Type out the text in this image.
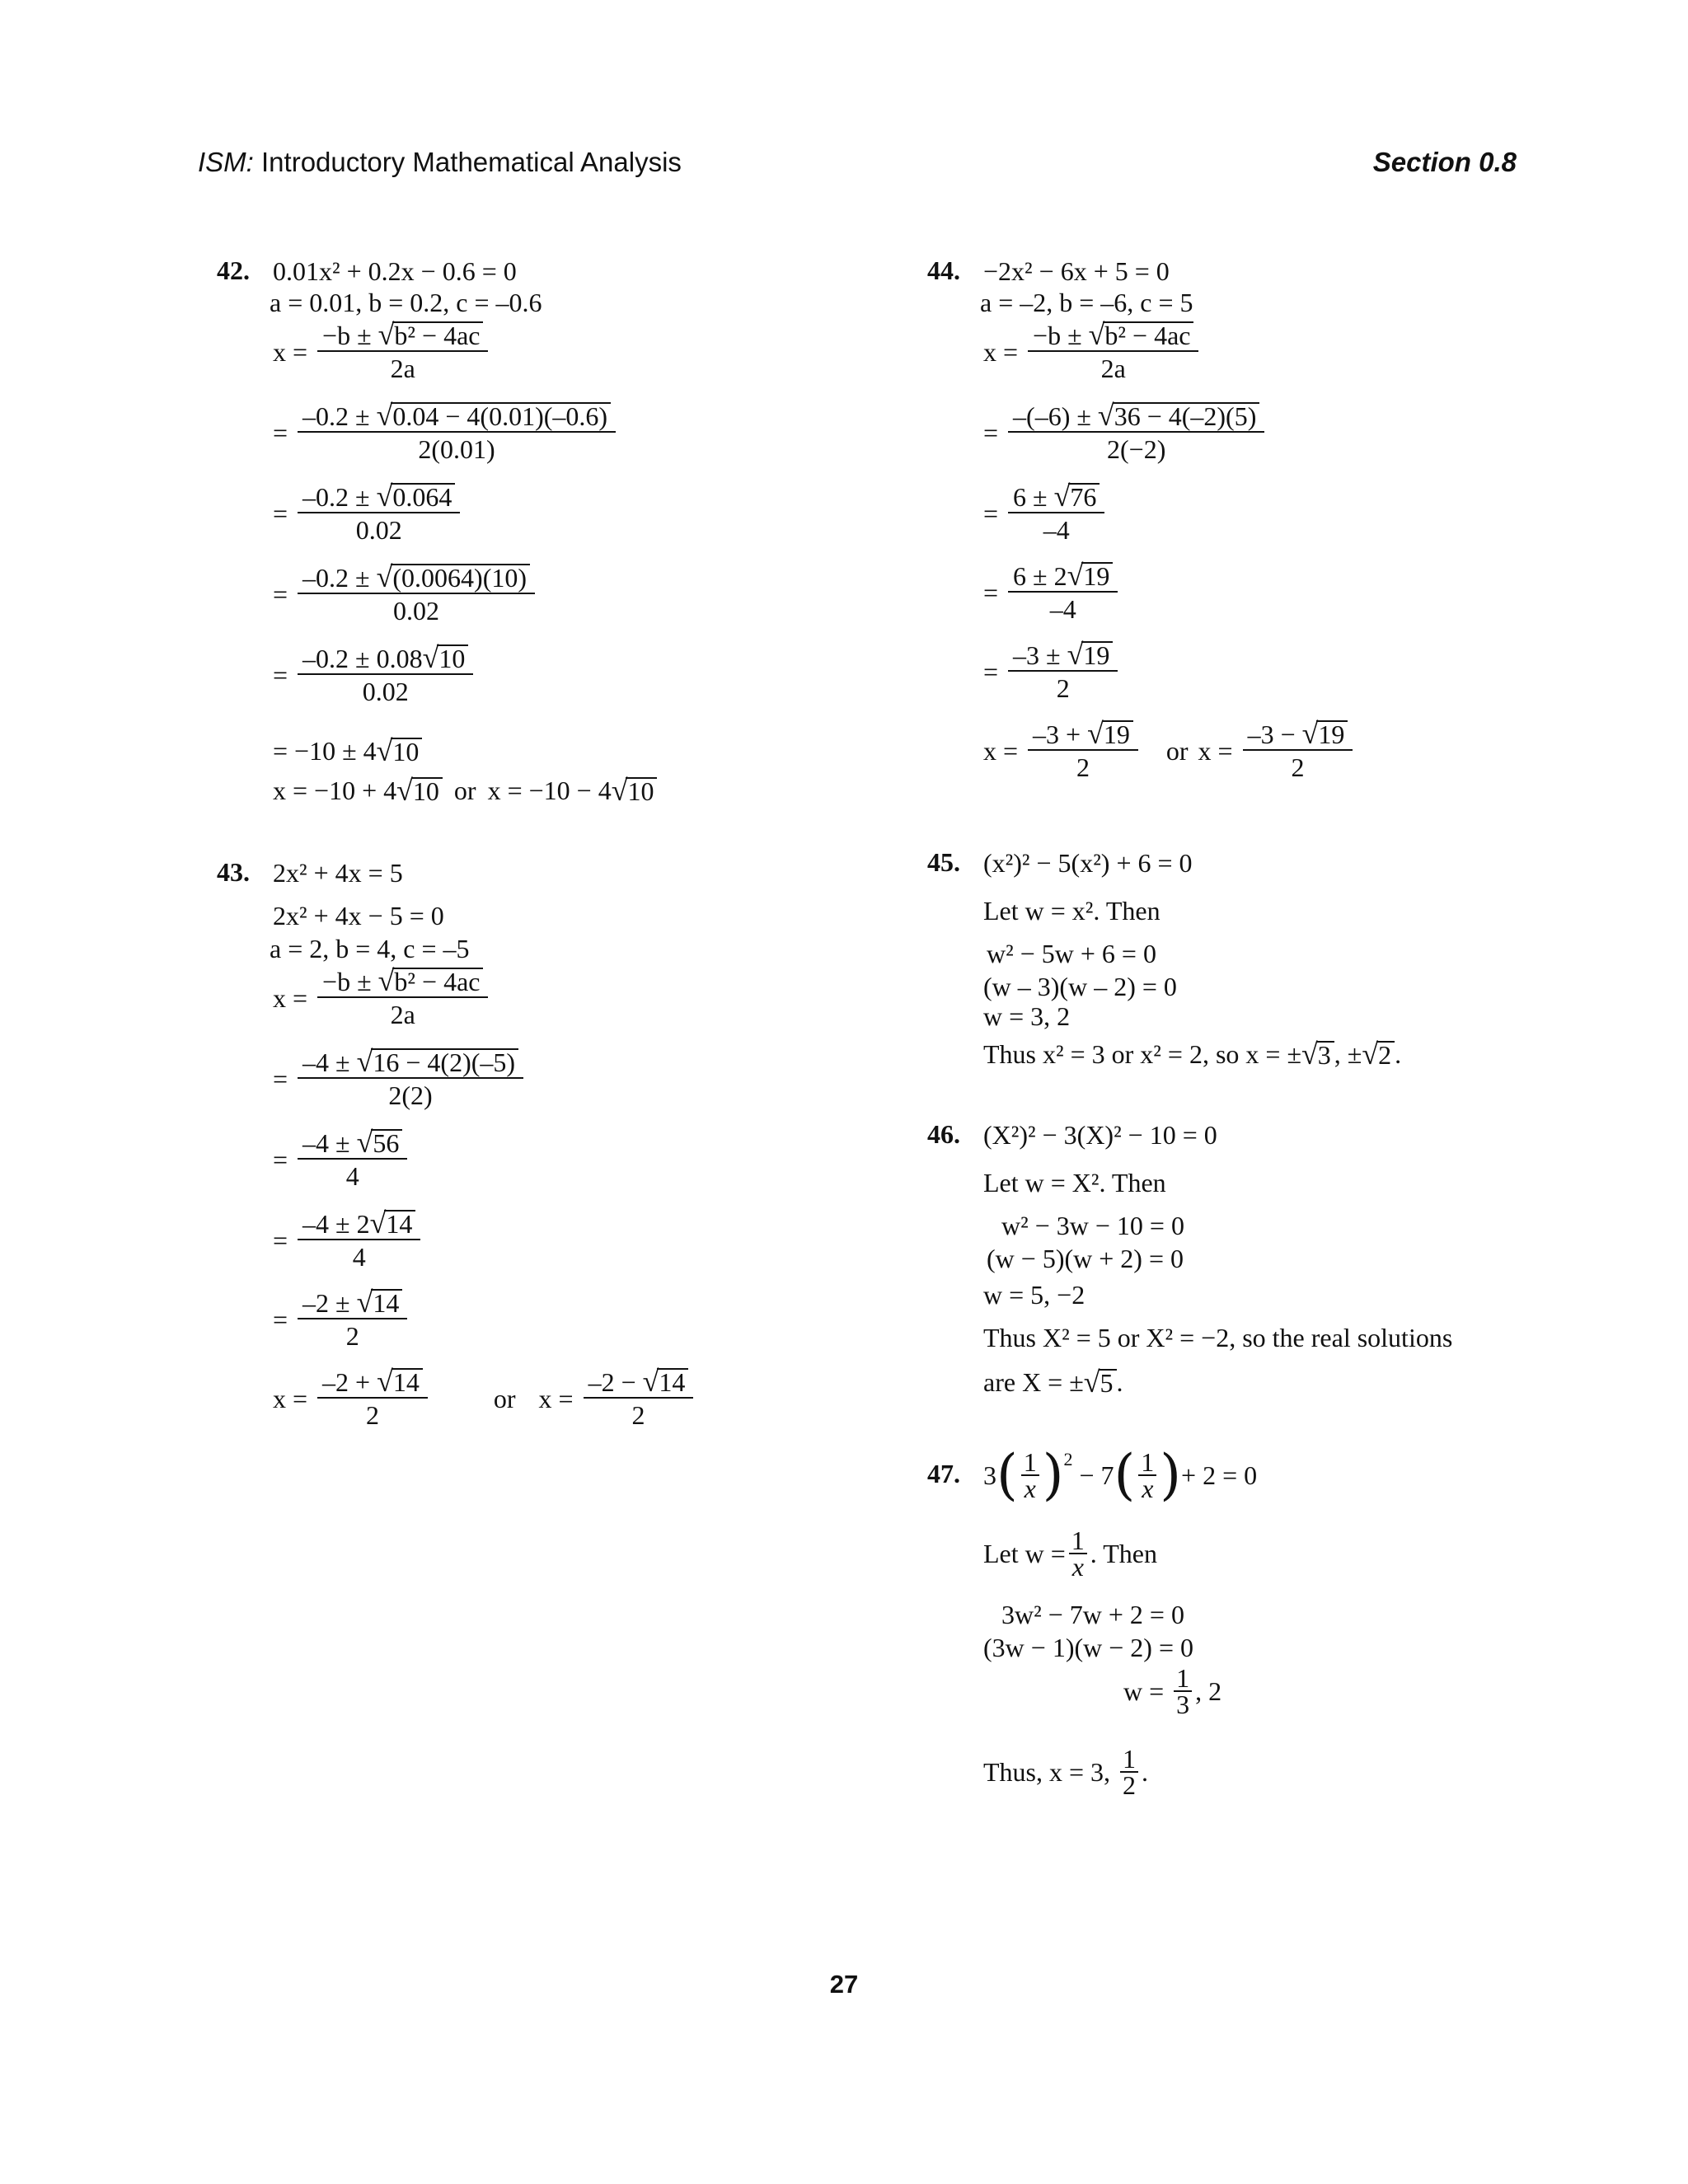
ISM: Introductory Mathematical Analysis	Section 0.8
42. 0.01x² + 0.2x − 0.6 = 0
a = 0.01, b = 0.2, c = –0.6
$x = \frac{\text{−b ± √b² − 4ac}}{2a}$
= $\frac{-0.2 \pm √0.04 - 4(0.01)(-0.6)}{2(0.01)}$
= $\frac{-0.2 \pm √0.064}{0.02}$
= $\frac{-0.2 \pm √(0.0064)(10)}{0.02}$
= $\frac{-0.2 \pm 0.08√10}{0.02}$
= −10 ± 4 √ 10
x = −10 + 4 √ 10 or x = −10 − 4 √ 10
43. 2x² + 4x = 5
2x² + 4x − 5 = 0
a = 2, b = 4, c = –5
$x = \frac{\text{−b ± √b² − 4ac}}{2a}$
= $\frac{-4 \pm √16 - 4(2)(-5)}{2(2)}$
= $\frac{-4 \pm √56}{4}$
= $\frac{-4 \pm 2√14}{4}$
= $\frac{-2 \pm √14}{2}$
$x = \frac{-2 + √14}{2}$	or $x = \frac{-2 - √14}{2}$
44. −2x² − 6x + 5 = 0
a = –2, b = –6, c = 5
$x = \frac{\text{−b ± √b² − 4ac}}{2a}$
= $\frac{-(-6) \pm √36 - 4(-2)(5)}{2(-2)}$
= $\frac{6 \pm √76}{-4}$
= $\frac{6 \pm 2√19}{-4}$
= $\frac{-3 \pm √19}{2}$
$x = \frac{-3 + √19}{2}$ or $x = \frac{-3 - √19}{2}$
45. (x²)² − 5(x²) + 6 = 0
Let w = x². Then
w² − 5w + 6 = 0
(w – 3)(w – 2) = 0
w = 3, 2
Thus x² = 3 or x² = 2, so x = ± √ 3 , ± √ 2 .
46. (X²)² − 3(X)² − 10 = 0
Let w = X². Then
w² − 3w − 10 = 0
(w − 5)(w + 2) = 0
w = 5, −2
Thus X² = 5 or X² = −2, so the real solutions
are X = ± √ 5 .
47. 3 ( $\frac{1}{x} )^2$
− 7 ( $\frac{1}{x}$ ) + 2 = 0
Let $w = \frac{1}{x}$ . Then
3w² − 7w + 2 = 0
(3w − 1)(w − 2) = 0
$w = \frac{1}{3}$ , 2
Thus, x = 3, $\frac{1}{2}$ .
27
